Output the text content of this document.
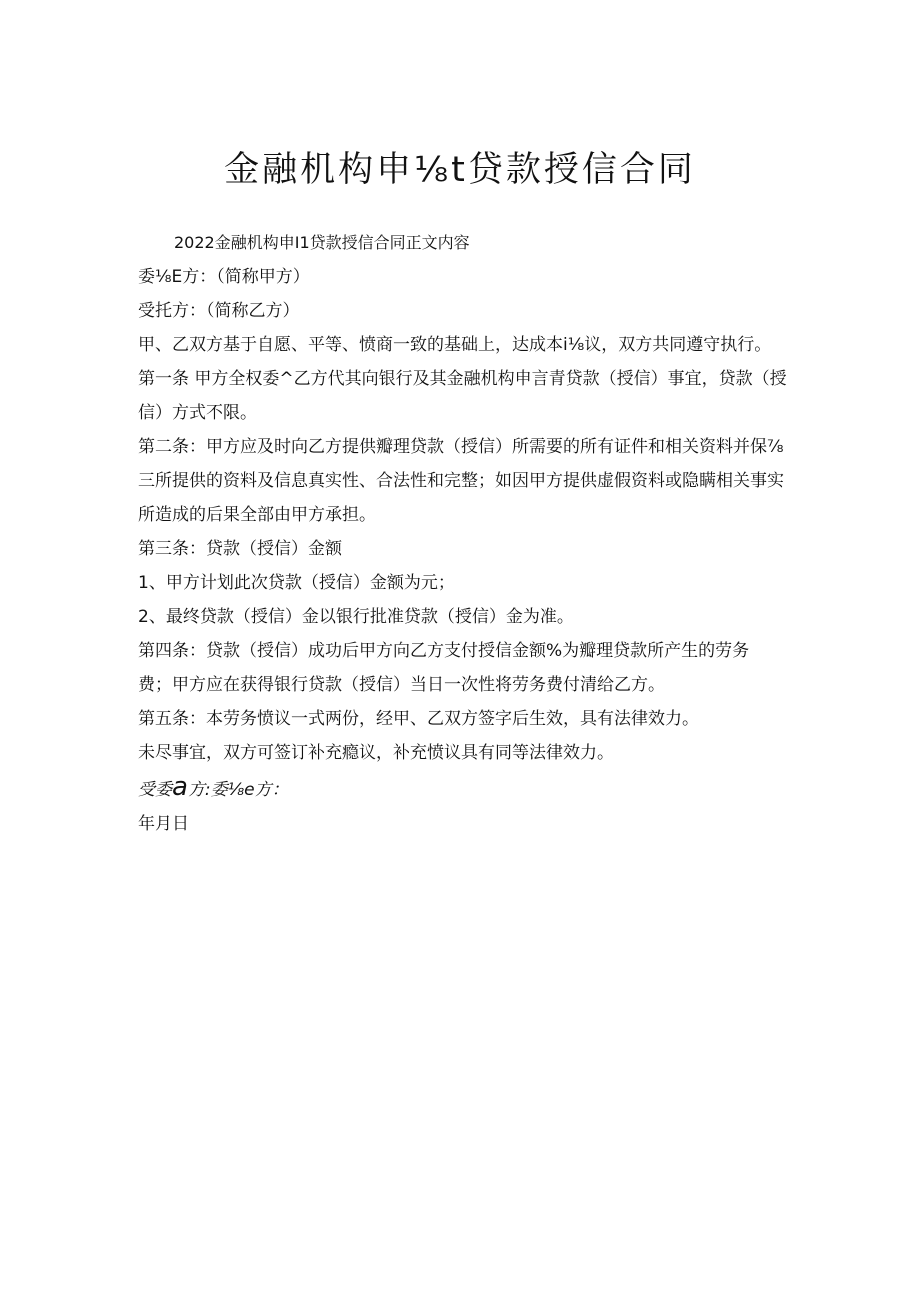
金融机构申⅛t贷款授信合同
2022金融机构申I1贷款授信合同正文内容
委⅛E方：（简称甲方）
受托方：（简称乙方）
甲、乙双方基于自愿、平等、愤商一致的基础上，达成本i⅛议，双方共同遵守执行。
第一条 甲方全权委^乙方代其向银行及其金融机构申言青贷款（授信）事宜，贷款（授
信）方式不限。
第二条：甲方应及时向乙方提供瓣理贷款（授信）所需要的所有证件和相关资料并保⅞
三所提供的资料及信息真实性、合法性和完整；如因甲方提供虚假资料或隐瞒相关事实
所造成的后果全部由甲方承担。
第三条：贷款（授信）金额
1、甲方计划此次贷款（授信）金额为元；
2、最终贷款（授信）金以银行批准贷款（授信）金为准。
第四条：贷款（授信）成功后甲方向乙方支付授信金额%为瓣理贷款所产生的劳务
费；甲方应在获得银行贷款（授信）当日一次性将劳务费付清给乙方。
第五条：本劳务愤议一式两份，经甲、乙双方签字后生效，具有法律效力。
未尽事宜，双方可签订补充瘾议，补充愤议具有同等法律效力。
受委a方:委⅛e方：
年月日
